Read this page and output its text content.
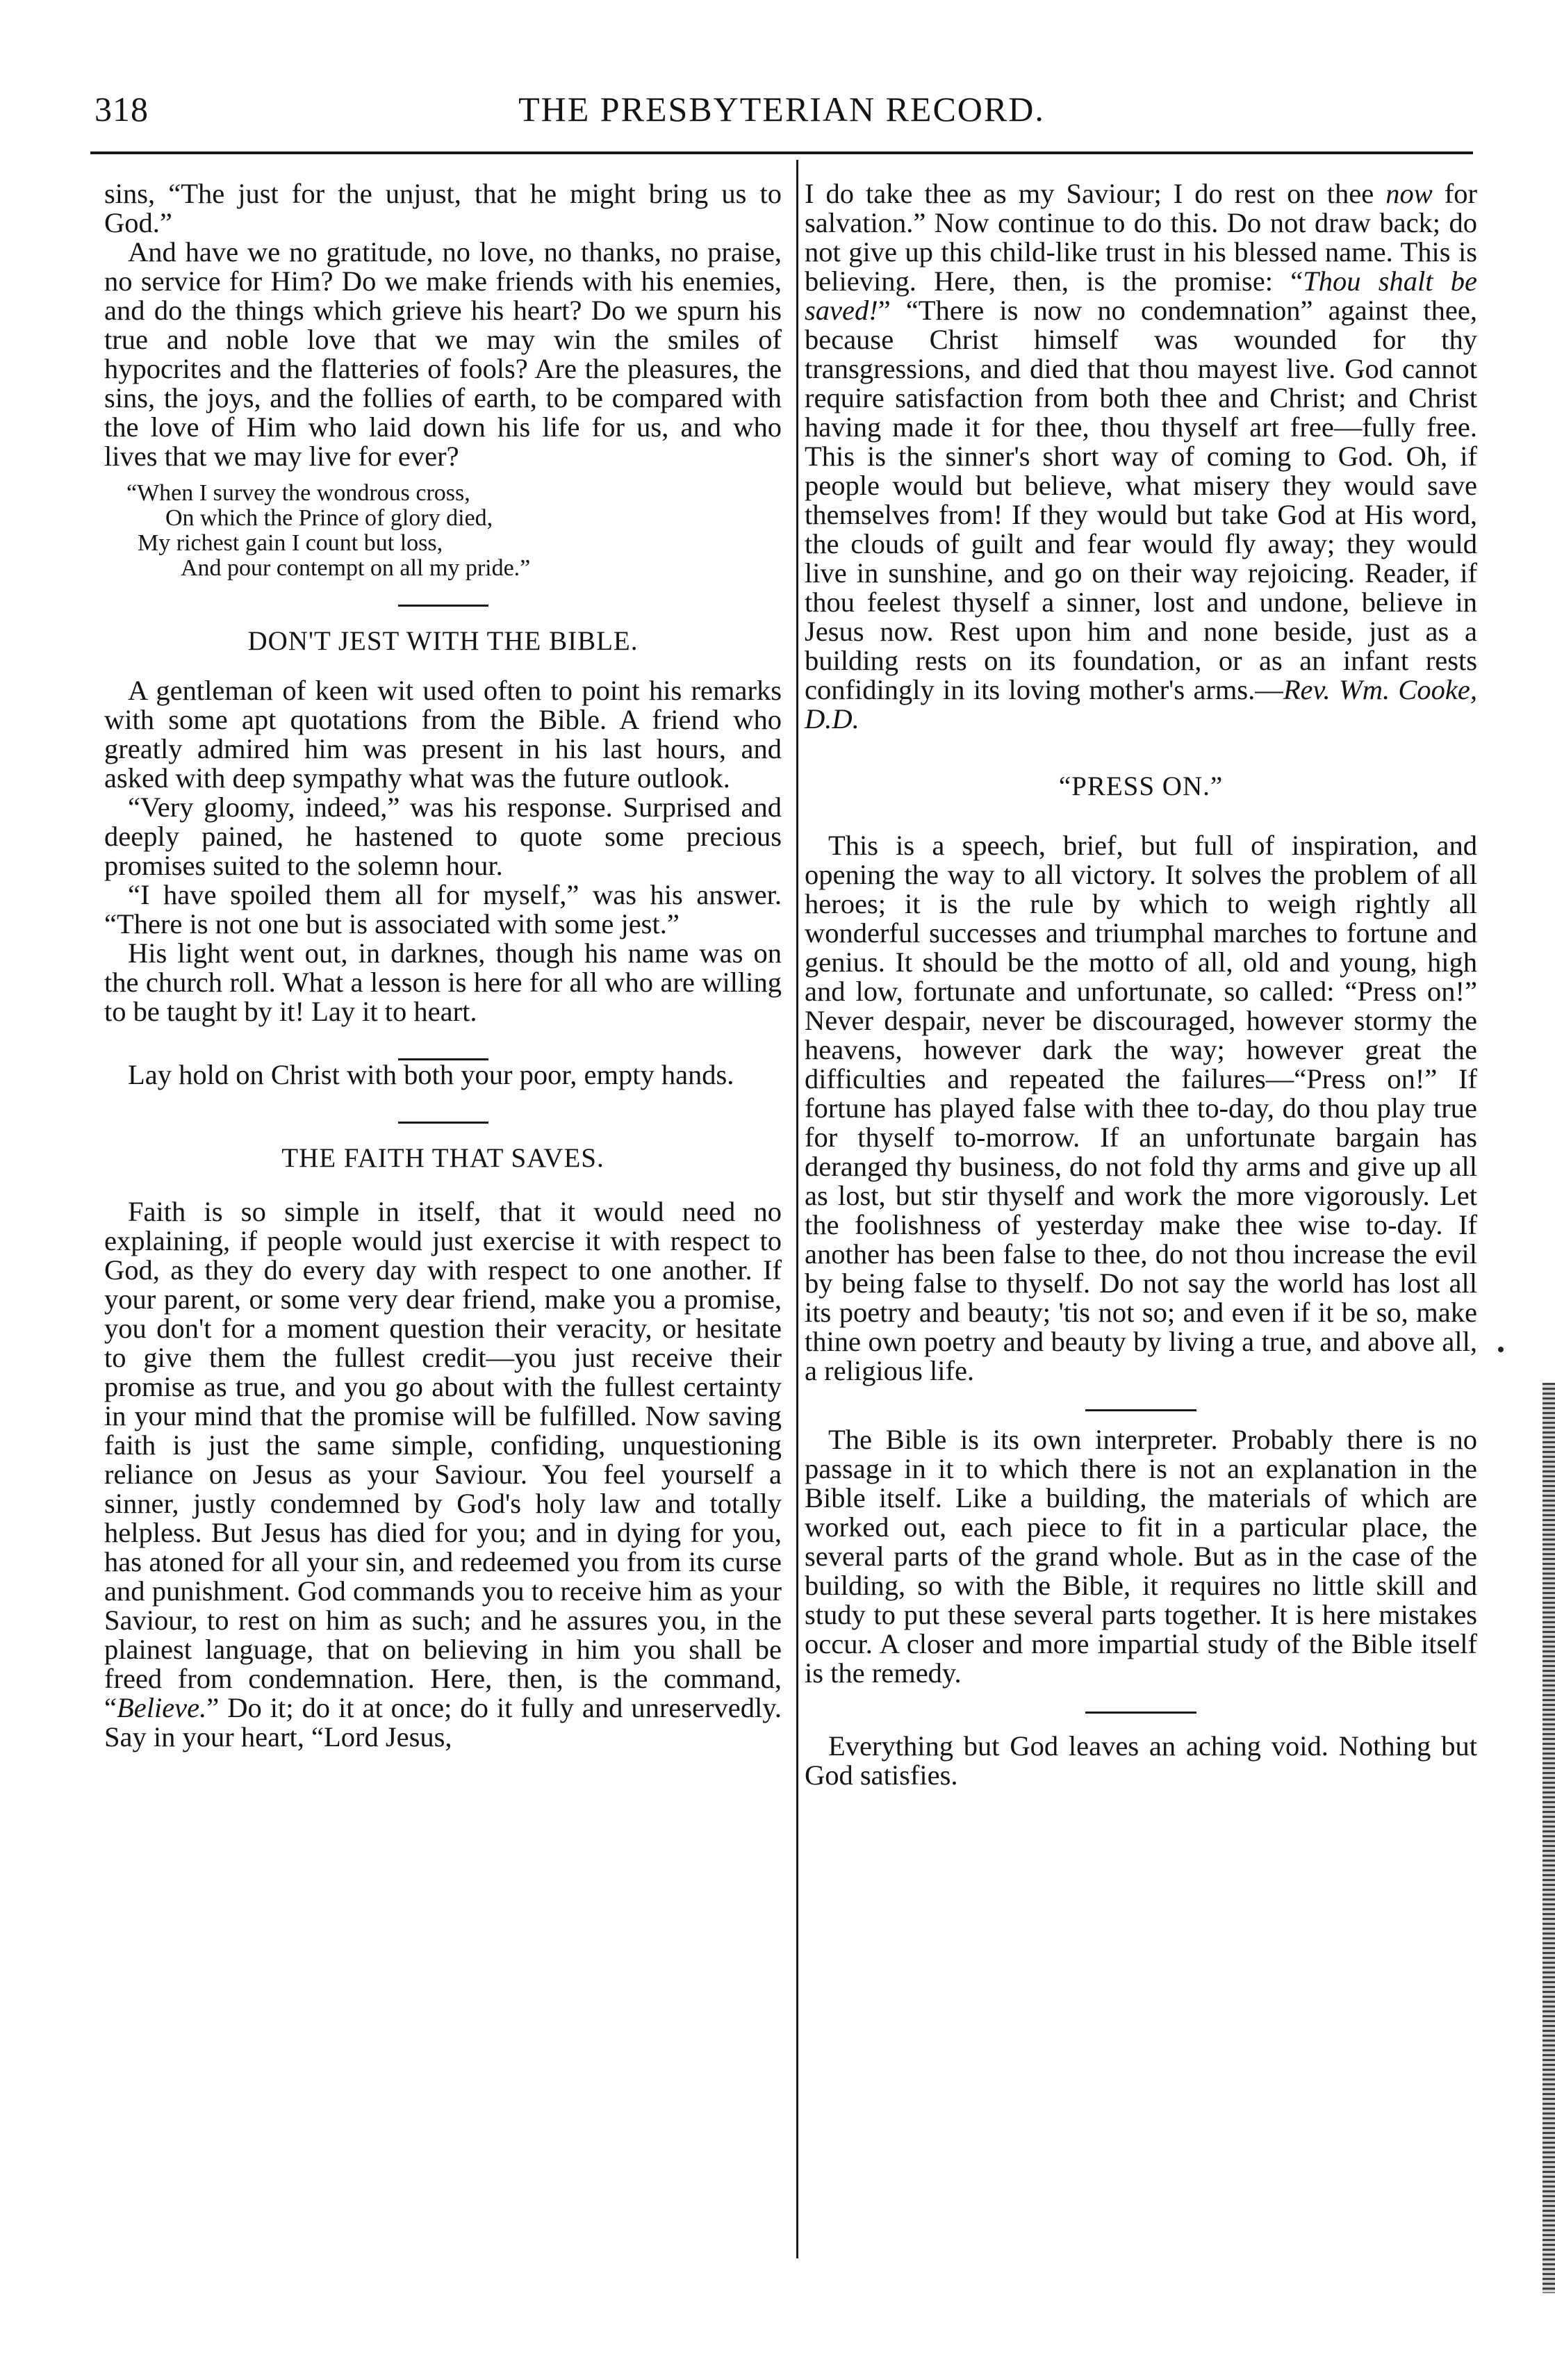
318	THE PRESBYTERIAN RECORD.

sins, “The just for the unjust, that he might bring us to God.”

And have we no gratitude, no love, no thanks, no praise, no service for Him? Do we make friends with his enemies, and do the things which grieve his heart? Do we spurn his true and noble love that we may win the smiles of hypocrites and the flatteries of fools? Are the pleasures, the sins, the joys, and the follies of earth, to be compared with the love of Him who laid down his life for us, and who lives that we may live for ever?

“When I survey the wondrous cross,
On which the Prince of glory died,
My richest gain I count but loss,
And pour contempt on all my pride.”
DON'T JEST WITH THE BIBLE.

A gentleman of keen wit used often to point his remarks with some apt quotations from the Bible. A friend who greatly admired him was present in his last hours, and asked with deep sympathy what was the future outlook.

“Very gloomy, indeed,” was his response. Surprised and deeply pained, he hastened to quote some precious promises suited to the solemn hour.

“I have spoiled them all for myself,” was his answer. “There is not one but is associated with some jest.”

His light went out, in darknes, though his name was on the church roll. What a lesson is here for all who are willing to be taught by it! Lay it to heart.

Lay hold on Christ with both your poor, empty hands.

THE FAITH THAT SAVES.

Faith is so simple in itself, that it would need no explaining, if people would just exercise it with respect to God, as they do every day with respect to one another. If your parent, or some very dear friend, make you a promise, you don't for a moment question their veracity, or hesitate to give them the fullest credit—you just receive their promise as true, and you go about with the fullest certainty in your mind that the promise will be fulfilled. Now saving faith is just the same simple, confiding, unquestioning reliance on Jesus as your Saviour. You feel yourself a sinner, justly condemned by God's holy law and totally helpless. But Jesus has died for you; and in dying for you, has atoned for all your sin, and redeemed you from its curse and punishment. God commands you to receive him as your Saviour, to rest on him as such; and he assures you, in the plainest language, that on believing in him you shall be freed from condemnation. Here, then, is the command, “Believe.” Do it; do it at once; do it fully and unreservedly. Say in your heart, “Lord Jesus,

I do take thee as my Saviour; I do rest on thee now for salvation.” Now continue to do this. Do not draw back; do not give up this child-like trust in his blessed name. This is believing. Here, then, is the promise: “Thou shalt be saved!” “There is now no condemnation” against thee, because Christ himself was wounded for thy transgressions, and died that thou mayest live. God cannot require satisfaction from both thee and Christ; and Christ having made it for thee, thou thyself art free—fully free. This is the sinner's short way of coming to God. Oh, if people would but believe, what misery they would save themselves from! If they would but take God at His word, the clouds of guilt and fear would fly away; they would live in sunshine, and go on their way rejoicing. Reader, if thou feelest thyself a sinner, lost and undone, believe in Jesus now. Rest upon him and none beside, just as a building rests on its foundation, or as an infant rests confidingly in its loving mother's arms.—Rev. Wm. Cooke, D.D.

“PRESS ON.”

This is a speech, brief, but full of inspiration, and opening the way to all victory. It solves the problem of all heroes; it is the rule by which to weigh rightly all wonderful successes and triumphal marches to fortune and genius. It should be the motto of all, old and young, high and low, fortunate and unfortunate, so called: “Press on!” Never despair, never be discouraged, however stormy the heavens, however dark the way; however great the difficulties and repeated the failures—“Press on!” If fortune has played false with thee to-day, do thou play true for thyself to-morrow. If an unfortunate bargain has deranged thy business, do not fold thy arms and give up all as lost, but stir thyself and work the more vigorously. Let the foolishness of yesterday make thee wise to-day. If another has been false to thee, do not thou increase the evil by being false to thyself. Do not say the world has lost all its poetry and beauty; 'tis not so; and even if it be so, make thine own poetry and beauty by living a true, and above all, a religious life.

The Bible is its own interpreter. Probably there is no passage in it to which there is not an explanation in the Bible itself. Like a building, the materials of which are worked out, each piece to fit in a particular place, the several parts of the grand whole. But as in the case of the building, so with the Bible, it requires no little skill and study to put these several parts together. It is here mistakes occur. A closer and more impartial study of the Bible itself is the remedy.

Everything but God leaves an aching void. Nothing but God satisfies.
